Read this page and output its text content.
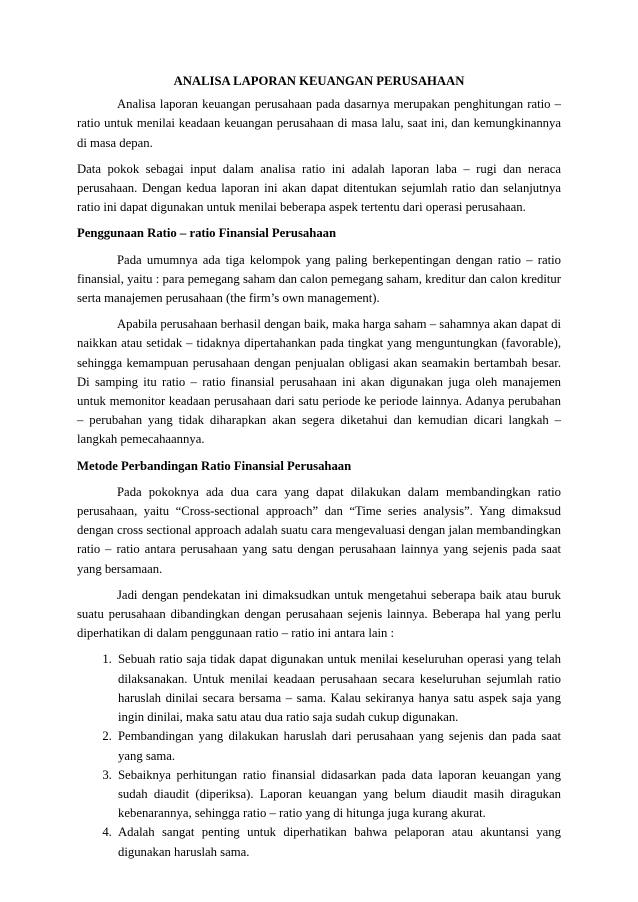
ANALISA LAPORAN KEUANGAN PERUSAHAAN

Analisa laporan keuangan perusahaan pada dasarnya merupakan penghitungan ratio – ratio untuk menilai keadaan keuangan perusahaan di masa lalu, saat ini, dan kemungkinannya di masa depan.

Data pokok sebagai input dalam analisa ratio ini adalah laporan laba – rugi dan neraca perusahaan. Dengan kedua laporan ini akan dapat ditentukan sejumlah ratio dan selanjutnya ratio ini dapat digunakan untuk menilai beberapa aspek tertentu dari operasi perusahaan.

Penggunaan Ratio – ratio Finansial Perusahaan

Pada umumnya ada tiga kelompok yang paling berkepentingan dengan ratio – ratio finansial, yaitu : para pemegang saham dan calon pemegang saham, kreditur dan calon kreditur serta manajemen perusahaan (the firm’s own management).

Apabila perusahaan berhasil dengan baik, maka harga saham – sahamnya akan dapat di naikkan atau setidak – tidaknya dipertahankan pada tingkat yang menguntungkan (favorable), sehingga kemampuan perusahaan dengan penjualan obligasi akan seamakin bertambah besar. Di samping itu ratio – ratio finansial perusahaan ini akan digunakan juga oleh manajemen untuk memonitor keadaan perusahaan dari satu periode ke periode lainnya. Adanya perubahan – perubahan yang tidak diharapkan akan segera diketahui dan kemudian dicari langkah – langkah pemecahaannya.

Metode Perbandingan Ratio Finansial Perusahaan

Pada pokoknya ada dua cara yang dapat dilakukan dalam membandingkan ratio perusahaan, yaitu “Cross-sectional approach” dan “Time series analysis”. Yang dimaksud dengan cross sectional approach adalah suatu cara mengevaluasi dengan jalan membandingkan ratio – ratio antara perusahaan yang satu dengan perusahaan lainnya yang sejenis pada saat yang bersamaan.

Jadi dengan pendekatan ini dimaksudkan untuk mengetahui seberapa baik atau buruk suatu perusahaan dibandingkan dengan perusahaan sejenis lainnya. Beberapa hal yang perlu diperhatikan di dalam penggunaan ratio – ratio ini antara lain :

1. Sebuah ratio saja tidak dapat digunakan untuk menilai keseluruhan operasi yang telah dilaksanakan. Untuk menilai keadaan perusahaan secara keseluruhan sejumlah ratio haruslah dinilai secara bersama – sama. Kalau sekiranya hanya satu aspek saja yang ingin dinilai, maka satu atau dua ratio saja sudah cukup digunakan.
2. Pembandingan yang dilakukan haruslah dari perusahaan yang sejenis dan pada saat yang sama.
3. Sebaiknya perhitungan ratio finansial didasarkan pada data laporan keuangan yang sudah diaudit (diperiksa). Laporan keuangan yang belum diaudit masih diragukan kebenarannya, sehingga ratio – ratio yang di hitunga juga kurang akurat.
4. Adalah sangat penting untuk diperhatikan bahwa pelaporan atau akuntansi yang digunakan haruslah sama.
